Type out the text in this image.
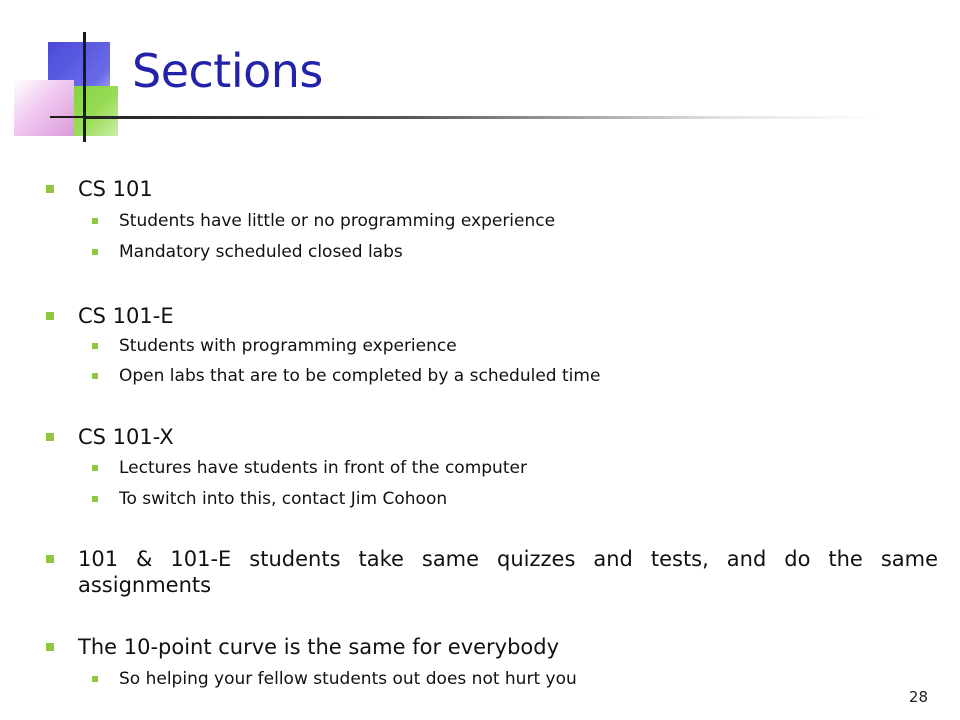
Sections
CS 101
Students have little or no programming experience
Mandatory scheduled closed labs
CS 101-E
Students with programming experience
Open labs that are to be completed by a scheduled time
CS 101-X
Lectures have students in front of the computer
To switch into this, contact Jim Cohoon
101 & 101-E students take same quizzes and tests, and do the same assignments
The 10-point curve is the same for everybody
So helping your fellow students out does not hurt you
28
